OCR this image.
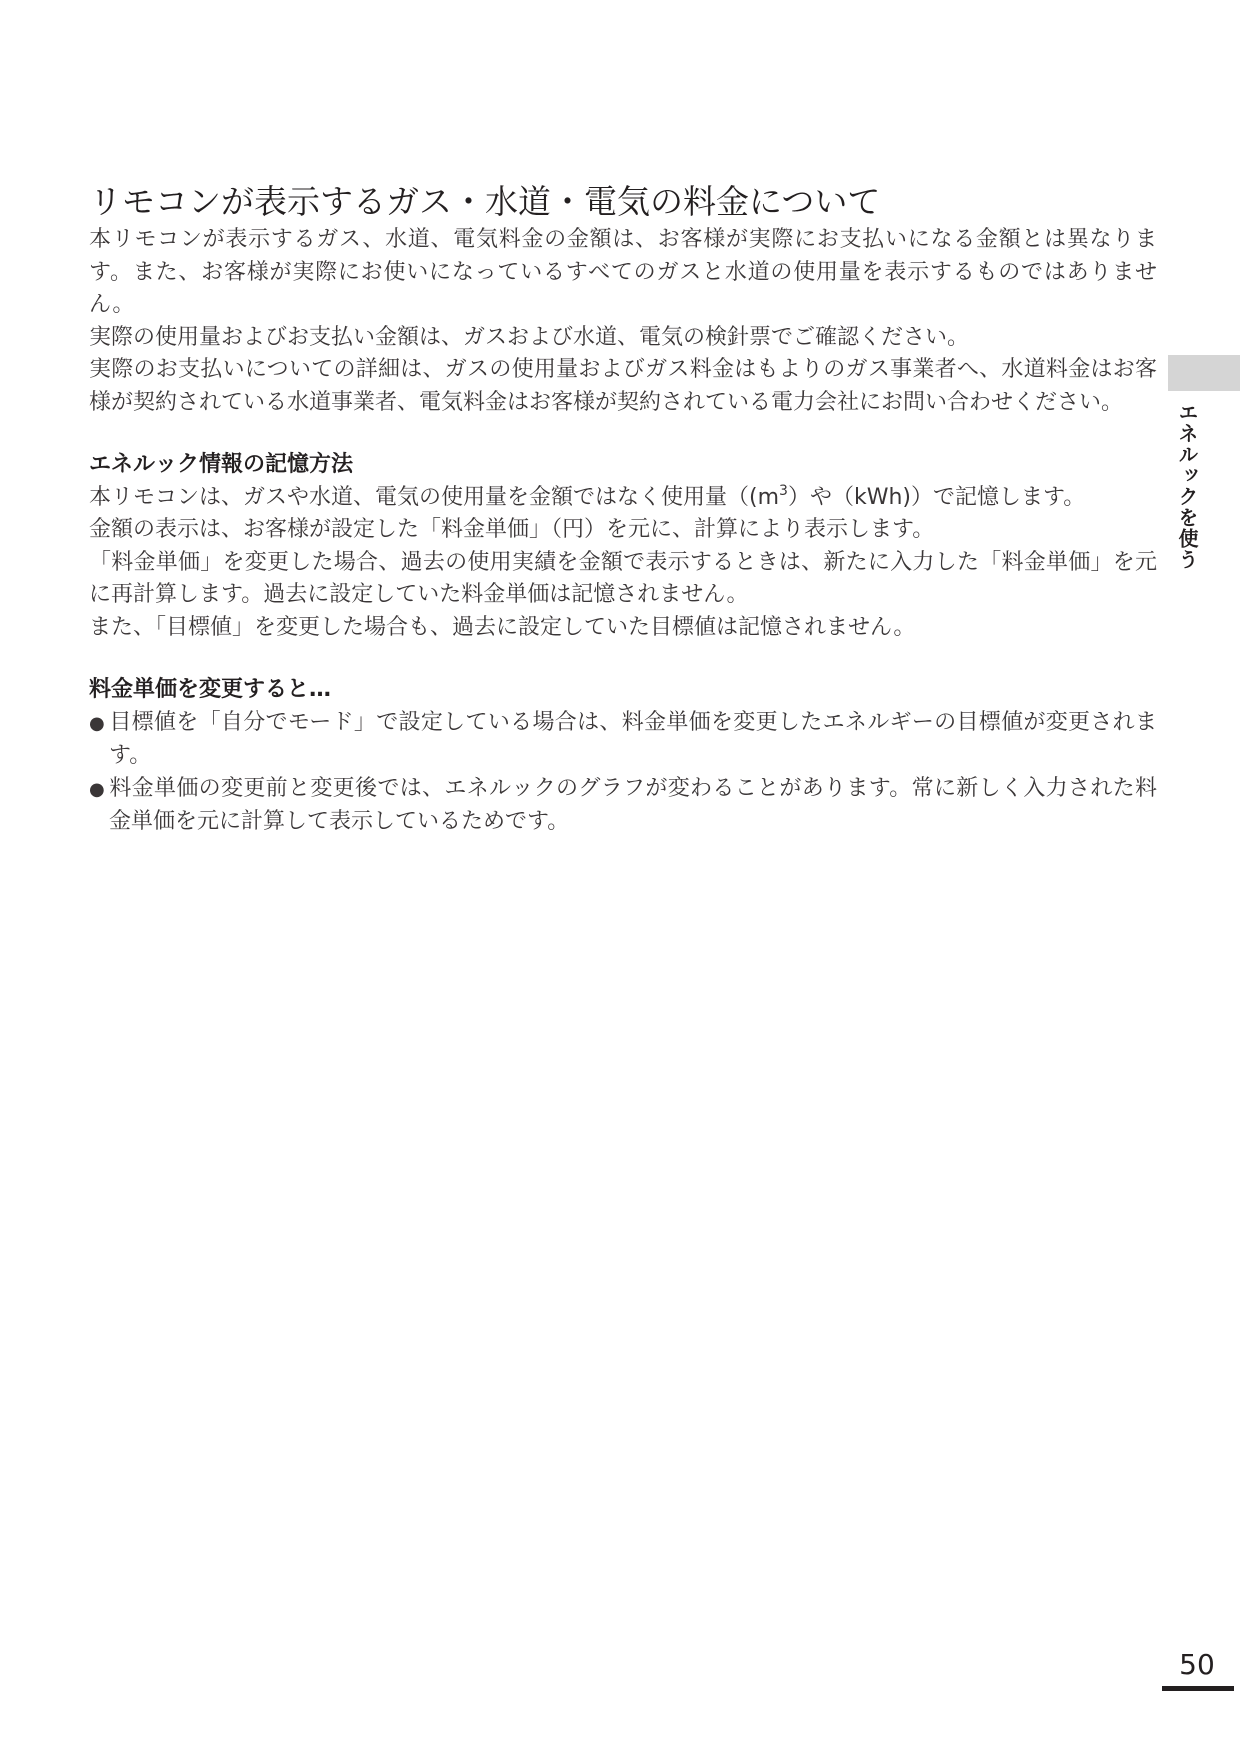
リモコンが表示するガス・水道・電気の料金について

本リモコンが表示するガス、水道、電気料金の金額は、お客様が実際にお支払いになる金額とは異なります。また、お客様が実際にお使いになっているすべてのガスと水道の使用量を表示するものではありません。

実際の使用量およびお支払い金額は、ガスおよび水道、電気の検針票でご確認ください。

実際のお支払いについての詳細は、ガスの使用量およびガス料金はもよりのガス事業者へ、水道料金はお客様が契約されている水道事業者、電気料金はお客様が契約されている電力会社にお問い合わせください。

エネルック情報の記憶方法

本リモコンは、ガスや水道、電気の使用量を金額ではなく使用量（$(m^3)$や（kWh)）で記憶します。

金額の表示は、お客様が設定した「料金単価」（円）を元に、計算により表示します。

「料金単価」を変更した場合、過去の使用実績を金額で表示するときは、新たに入力した「料金単価」を元に再計算します。過去に設定していた料金単価は記憶されません。

また、「目標値」を変更した場合も、過去に設定していた目標値は記憶されません。

料金単価を変更すると…
● 目標値を「自分でモード」で設定している場合は、料金単価を変更したエネルギーの目標値が変更されます。
● 料金単価の変更前と変更後では、エネルックのグラフが変わることがあります。常に新しく入力された料金単価を元に計算して表示しているためです。
エネルックを使う
50
